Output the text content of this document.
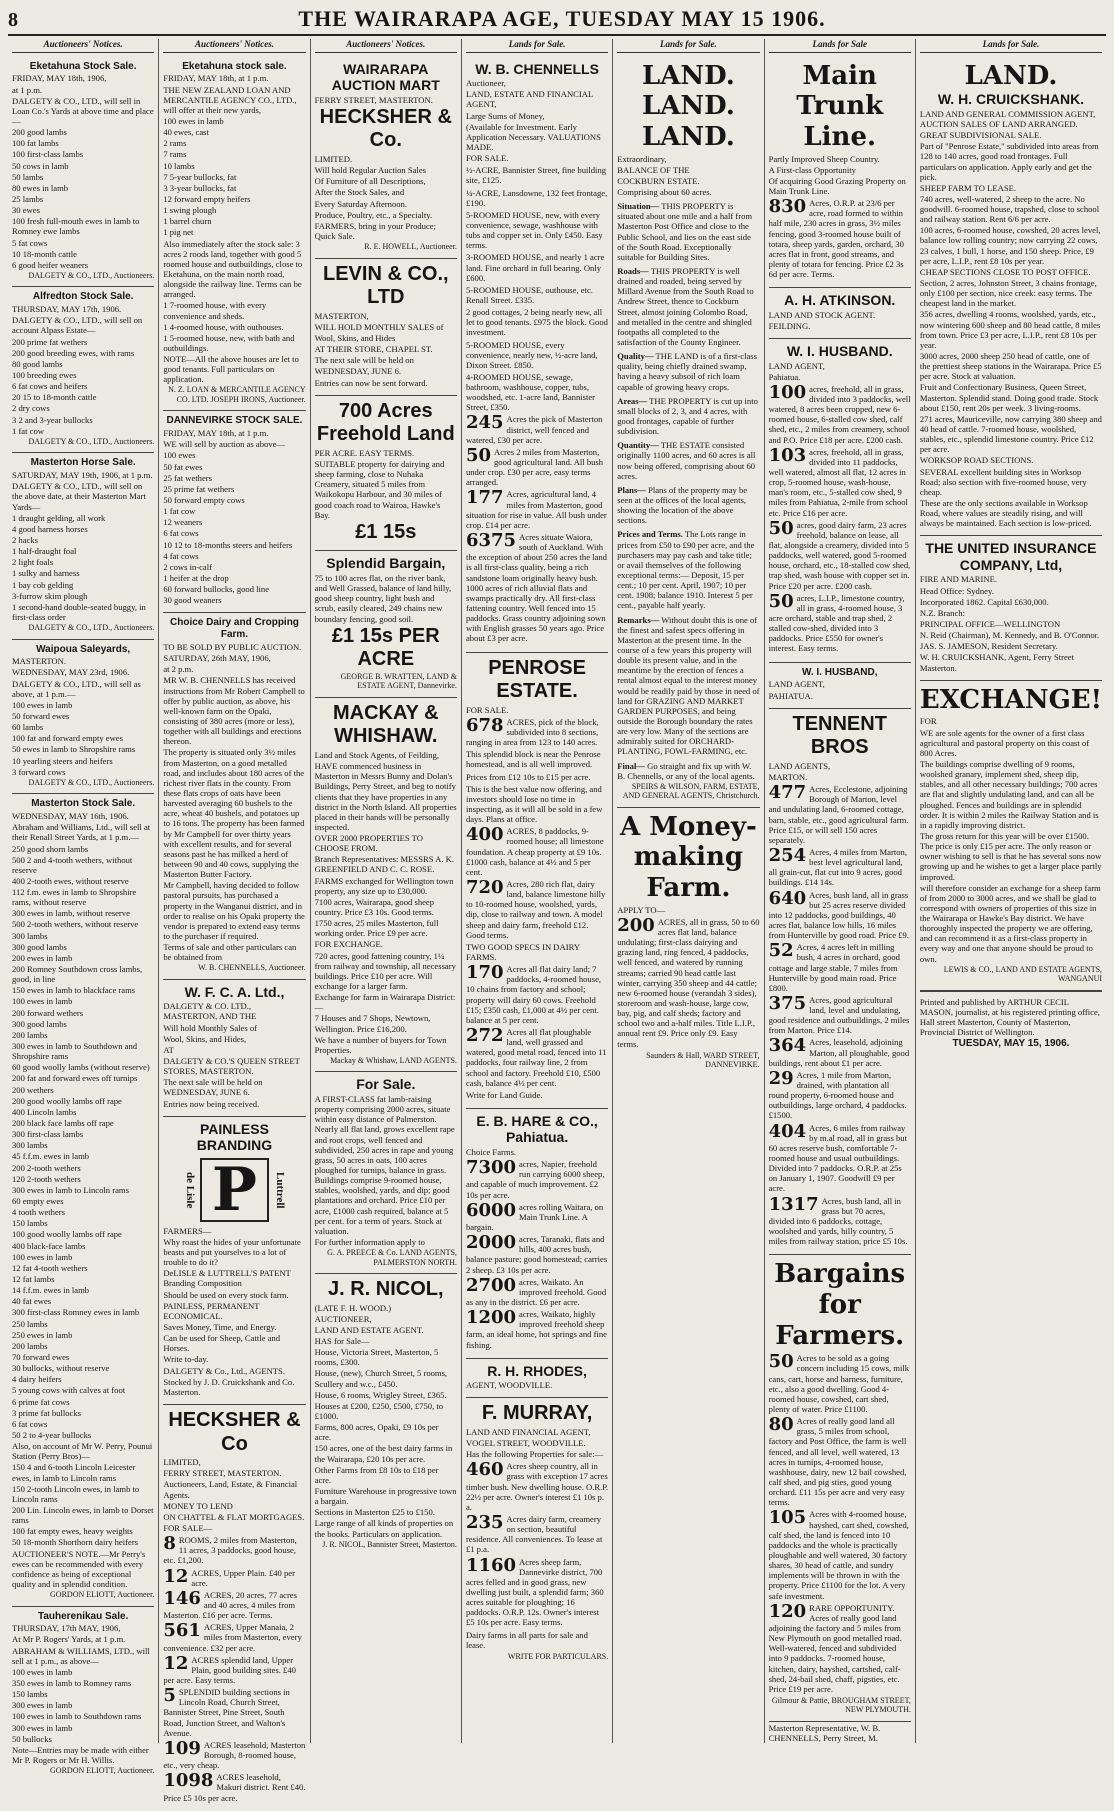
8	THE WAIRARAPA AGE, TUESDAY MAY 15 1906.
Auctioneers' Notices.
Eketahuna Stock Sale.
FRIDAY, MAY 18th, 1906,
at 1 p.m.
DALGETY & CO., LTD., will sell in Loan Co.'s Yards at above time and place—
200 good lambs
100 fat lambs
100 first-class lambs
50 cows in lamb
50 lambs
80 ewes in lamb
25 lambs
30 ewes
100 fresh full-mouth ewes in lamb to Romney ewe lambs
5 fat cows
10 18-month cattle
6 good heifer weaners
DALGETY & CO., LTD., Auctioneers.
Alfredton Stock Sale.
THURSDAY, MAY 17th, 1906.
DALGETY & CO., LTD., will sell on account Alpass Estate—
200 prime fat wethers
200 good breeding ewes, with rams
80 good lambs
100 breeding ewes
6 fat cows and heifers
20 15 to 18-month cattle
2 dry cows
3 2 and 3-year bullocks
1 fat cow
DALGETY & CO., LTD., Auctioneers.
Masterton Horse Sale.
SATURDAY, MAY 19th, 1906, at 1 p.m.
DALGETY & CO., LTD., will sell on the above date, at their Masterton Mart Yards—
1 draught gelding, all work
4 good harness horses
2 hacks
1 half-draught foal
2 light foals
1 sulky and harness
1 bay cob gelding
3-furrow skim plough
1 second-hand double-seated buggy, in first-class order
DALGETY & CO., LTD., Auctioneers.
Waipoua Saleyards,
MASTERTON.
WEDNESDAY, MAY 23rd, 1906.
DALGETY & CO., LTD., will sell as above, at 1 p.m.—
100 ewes in lamb
50 forward ewes
60 lambs
100 fat and forward empty ewes
50 ewes in lamb to Shropshire rams
10 yearling steers and heifers
3 forward cows
DALGETY & CO., LTD., Auctioneers.
Masterton Stock Sale.
WEDNESDAY, MAY 16th, 1906.
Abraham and Williams, Ltd., will sell at their Renall Street Yards, at 1 p.m.—
250 good shorn lambs
500 2 and 4-tooth wethers, without reserve
400 2-tooth ewes, without reserve
112 f.m. ewes in lamb to Shropshire rams, without reserve
300 ewes in lamb, without reserve
500 2-tooth wethers, without reserve
300 lambs
300 good lambs
200 ewes in lamb
200 Romney Southdown cross lambs, good, in line
150 ewes in lamb to blackface rams
100 ewes in lamb
200 forward wethers
300 good lambs
200 lambs
300 ewes in lamb to Southdown and Shropshire rams
60 good woolly lambs (without reserve)
200 fat and forward ewes off turnips
200 wethers
200 good woolly lambs off rape
400 Lincoln lambs
200 black face lambs off rape
300 first-class lambs
300 lambs
45 f.f.m. ewes in lamb
200 2-tooth wethers
120 2-tooth wethers
300 ewes in lamb to Lincoln rams
60 empty ewes
4 tooth wethers
150 lambs
100 good woolly lambs off rape
400 black-face lambs
100 ewes in lamb
12 fat 4-tooth wethers
12 fat lambs
14 f.f.m. ewes in lamb
40 fat ewes
300 first-class Romney ewes in lamb
250 lambs
250 ewes in lamb
200 lambs
70 forward ewes
30 bullocks, without reserve
4 dairy heifers
5 young cows with calves at foot
6 prime fat cows
3 prime fat bullocks
6 fat cows
50 2 to 4-year bullocks
Also, on account of Mr W. Perry, Pounui Station (Perry Bros)—
150 4 and 6-tooth Lincoln Leicester ewes, in lamb to Lincoln rams
150 2-tooth Lincoln ewes, in lamb to Lincoln rams
200 Lin. Lincoln ewes, in lamb to Dorset rams
100 fat empty ewes, heavy weights
50 18-month Shorthorn dairy heifers
AUCTIONEER'S NOTE.—Mr Perry's ewes can be recommended with every confidence as being of exceptional quality and in splendid condition.
GORDON ELIOTT, Auctioneer.
Tauherenikau Sale.
THURSDAY, 17th MAY, 1906,
At Mr P. Rogers' Yards, at 1 p.m.
ABRAHAM & WILLIAMS, LTD., will sell at 1 p.m., as above—
100 ewes in lamb
350 ewes in lamb to Romney rams
150 lambs
300 ewes in lamb
100 ewes in lamb to Southdown rams
300 ewes in lamb
50 bullocks
Note—Entries may be made with either Mr P. Rogers or Mr H. Willis.
GORDON ELIOTT, Auctioneer.
Auctioneers' Notices.
Eketahuna stock sale.
FRIDAY, MAY 18th, at 1 p.m.
THE NEW ZEALAND LOAN AND MERCANTILE AGENCY CO., LTD., will offer at their new yards,
100 ewes in lamb
40 ewes, cast
2 rams
7 rams
10 lambs
7 5-year bullocks, fat
3 3-year bullocks, fat
12 forward empty heifers
1 swing plough
1 barrel churn
1 pig net
Also immediately after the stock sale: 3 acres 2 roods land, together with good 5 roomed house and outbuildings, close to Eketahuna, on the main north road, alongside the railway line. Terms can be arranged.
1 7-roomed house, with every convenience and sheds.
1 4-roomed house, with outhouses.
1 5-roomed house, new, with bath and outbuildings.
NOTE—All the above houses are let to good tenants. Full particulars on application.
N. Z. LOAN & MERCANTILE AGENCY CO. LTD. JOSEPH IRONS, Auctioneer.
DANNEVIRKE STOCK SALE.
FRIDAY, MAY 18th, at 1 p.m.
WE will sell by auction as above—
100 ewes
50 fat ewes
25 fat wethers
25 prime fat wethers
50 forward empty cows
1 fat cow
12 weaners
6 fat cows
10 12 to 18-months steers and heifers
4 fat cows
2 cows in-calf
1 heifer at the drop
60 forward bullocks, good line
30 good weaners
Choice Dairy and Cropping Farm.
TO BE SOLD BY PUBLIC AUCTION.
SATURDAY, 26th MAY, 1906,
at 2 p.m.
MR W. B. CHENNELLS has received instructions from Mr Robert Campbell to offer by public auction, as above, his well-known farm on the Opaki, consisting of 380 acres (more or less), together with all buildings and erections thereon.
The property is situated only 3½ miles from Masterton, on a good metalled road, and includes about 180 acres of the richest river flats in the county. From these flats crops of oats have been harvested averaging 60 bushels to the acre, wheat 40 bushels, and potatoes up to 16 tons. The property has been farmed by Mr Campbell for over thirty years with excellent results, and for several seasons past he has milked a herd of between 90 and 40 cows, supplying the Masterton Butter Factory.
Mr Campbell, having decided to follow pastoral pursuits, has purchased a property in the Wanganui district, and in order to realise on his Opaki property the vendor is prepared to extend easy terms to the purchaser if required.
Terms of sale and other particulars can be obtained from
W. B. CHENNELLS, Auctioneer.
W. F. C. A. Ltd.,
DALGETY & CO. LTD., MASTERTON, AND THE
Will hold Monthly Sales of
Wool, Skins, and Hides,
AT
DALGETY & CO.'S QUEEN STREET STORES, MASTERTON.
The next sale will be held on WEDNESDAY, JUNE 6.
Entries now being received.
PAINLESS BRANDING
de Lisle P	Luttrell
FARMERS—
Why roast the hides of your unfortunate beasts and put yourselves to a lot of trouble to do it?
DeLISLE & LUTTRELL'S PATENT Branding Composition
Should be used on every stock farm.
PAINLESS, PERMANENT ECONOMICAL.
Saves Money, Time, and Energy.
Can be used for Sheep, Cattle and Horses.
Write to-day.
DALGETY & Co., Ltd., AGENTS.
Stocked by J. D. Cruickshank and Co. Masterton.
HECKSHER & Co
LIMITED,
FERRY STREET, MASTERTON.
Auctioneers, Land, Estate, & Financial Agents.
MONEY TO LEND
ON CHATTEL & FLAT MORTGAGES.
FOR SALE—
8 ROOMS, 2 miles from Masterton, 11 acres, 3 paddocks, good house, etc. £1,200.
12 ACRES, Upper Plain. £40 per acre.
146 ACRES, 20 acres, 77 acres and 40 acres, 4 miles from Masterton. £16 per acre. Terms.
561 ACRES, Upper Manaia, 2 miles from Masterton, every convenience. £32 per acre.
12 ACRES splendid land, Upper Plain, good building sites. £40 per acre. Easy terms.
5 SPLENDID building sections in Lincoln Road, Church Street, Bannister Street, Pine Street, South Road, Junction Street, and Walton's Avenue.
109 ACRES leasehold, Masterton Borough, 8-roomed house, etc., very cheap.
1098 ACRES leasehold, Makuri district. Rent £40. Price £5 10s per acre.
Auctioneers' Notices.
WAIRARAPA AUCTION MART
FERRY STREET, MASTERTON.
HECKSHER & Co.
LIMITED.
Will hold Regular Auction Sales
Of Furniture of all Descriptions,
After the Stock Sales, and
Every Saturday Afternoon.
Produce, Poultry, etc., a Specialty.
FARMERS, bring in your Produce; Quick Sale.
R. E. HOWELL, Auctioneer.
LEVIN & CO., LTD
MASTERTON,
WILL HOLD MONTHLY SALES of
Wool, Skins, and Hides
AT THEIR STORE, CHAPEL ST.
The next sale will be held on
WEDNESDAY, JUNE 6.
Entries can now be sent forward.
700 Acres Freehold Land
PER ACRE. EASY TERMS.
SUITABLE property for dairying and sheep farming, close to Nuhaka Creamery, situated 5 miles from Waikokopu Harbour, and 30 miles of good coach road to Wairoa, Hawke's Bay.
£1 15s
Splendid Bargain,
75 to 100 acres flat, on the river bank, and Well Grassed, balance of land hilly, good sheep country, light bush and scrub, easily cleared, 249 chains new boundary fencing, good soil.
£1 15s PER ACRE
GEORGE B. WRATTEN, LAND & ESTATE AGENT, Dannevirke.
MACKAY & WHISHAW.
Land and Stock Agents, of Feilding,
HAVE commenced business in Masterton in Messrs Bunny and Dolan's Buildings, Perry Street, and beg to notify clients that they have properties in any district in the North Island. All properties placed in their hands will be personally inspected.
OVER 2000 PROPERTIES TO CHOOSE FROM.
Branch Representatives: MESSRS A. K. GREENFIELD AND C. C. ROSE.
FARMS exchanged for Wellington town property, any size up to £30,000.
7100 acres, Wairarapa, good sheep country. Price £3 10s. Good terms.
1750 acres, 25 miles Masterton, full working order. Price £9 per acre.
FOR EXCHANGE.
720 acres, good fattening country, 1¼ from railway and township, all necessary buildings. Price £10 per acre. Will exchange for a larger farm.
Exchange for farm in Wairarapa District:—
7 Houses and 7 Shops, Newtown, Wellington. Price £16,200.
We have a number of buyers for Town Properties.
Mackay & Whishaw, LAND AGENTS.
For Sale.
A FIRST-CLASS fat lamb-raising property comprising 2000 acres, situate within easy distance of Palmerston. Nearly all flat land, grows excellent rape and root crops, well fenced and subdivided, 250 acres in rape and young grass, 50 acres in oats, 100 acres ploughed for turnips, balance in grass. Buildings comprise 9-roomed house, stables, woolshed, yards, and dip; good plantations and orchard. Price £10 per acre, £1000 cash required, balance at 5 per cent. for a term of years. Stock at valuation.
For further information apply to
G. A. PREECE & Co. LAND AGENTS, PALMERSTON NORTH.
J. R. NICOL,
(LATE F. H. WOOD.)
AUCTIONEER,
LAND AND ESTATE AGENT.
HAS for Sale—
House, Victoria Street, Masterton, 5 rooms, £300.
House, (new), Church Street, 5 rooms, Scullery and w.c., £450.
House, 6 rooms, Wrigley Street, £365.
Houses at £200, £250, £500, £750, to £1000.
Farms, 800 acres, Opaki, £9 10s per acre.
150 acres, one of the best dairy farms in the Wairarapa, £20 10s per acre.
Other Farms from £8 10s to £18 per acre.
Furniture Warehouse in progressive town a bargain.
Sections in Masterton £25 to £150.
Large range of all kinds of properties on the books. Particulars on application.
J. R. NICOL, Bannister Street, Masterton.
Lands for Sale.
W. B. CHENNELLS
Auctioneer,
LAND, ESTATE AND FINANCIAL AGENT,
Large Sums of Money,
(Available for Investment. Early Application Necessary. VALUATIONS MADE.
FOR SALE.
½-ACRE, Bannister Street, fine building site, £125.
¼-ACRE, Lansdowne, 132 feet frontage, £190.
5-ROOMED HOUSE, new, with every convenience, sewage, washhouse with tubs and copper set in. Only £450. Easy terms.
3-ROOMED HOUSE, and nearly 1 acre land. Fine orchard in full bearing. Only £600.
5-ROOMED HOUSE, outhouse, etc. Renall Street. £335.
2 good cottages, 2 being nearly new, all let to good tenants. £975 the block. Good investment.
5-ROOMED HOUSE, every convenience, nearly new, ½-acre land, Dixon Street. £850.
4-ROOMED HOUSE, sewage, bathroom, washhouse, copper, tubs, woodshed, etc. 1-acre land, Bannister Street, £350.
245 Acres the pick of Masterton district, well fenced and watered, £30 per acre.
50 Acres 2 miles from Masterton, good agricultural land. All bush under crop. £30 per acre, easy terms arranged.
177 Acres, agricultural land, 4 miles from Masterton, good situation for rise in value. All bush under crop. £14 per acre.
6375 Acres situate Waiora, south of Auckland. With the exception of about 250 acres the land is all first-class quality, being a rich sandstone loam originally heavy bush. 1000 acres of rich alluvial flats and swamps practically dry. All first-class fattening country. Well fenced into 15 paddocks. Grass country adjoining sown with English grasses 50 years ago. Price about £3 per acre.
PENROSE ESTATE.
FOR SALE.
678 ACRES, pick of the block, subdivided into 8 sections, ranging in area from 123 to 140 acres.
This splendid block is near the Penrose homestead, and is all well improved.
Prices from £12 10s to £15 per acre.
This is the best value now offering, and investors should lose no time in inspecting, as it will all be sold in a few days. Plans at office.
400 ACRES, 8 paddocks, 9-roomed house; all limestone foundation. A cheap property at £9 10s. £1000 cash, balance at 4½ and 5 per cent.
720 Acres, 280 rich flat, dairy land, balance limestone hilly to 10-roomed house, woolshed, yards, dip, close to railway and town. A model sheep and dairy farm, freehold £12. Good terms.
TWO GOOD SPECS IN DAIRY FARMS.
170 Acres all flat dairy land; 7 paddocks, 4-roomed house, 10 chains from factory and school; property will dairy 60 cows. Freehold £15; £350 cash, £1,000 at 4½ per cent. balance at 5 per cent.
272 Acres all flat ploughable land, well grassed and watered, good metal road, fenced into 11 paddocks, four railway line, 2 from school and factory. Freehold £10, £500 cash, balance 4½ per cent.
Write for Land Guide.
E. B. HARE & CO., Pahiatua.
Choice Farms.
7300 acres, Napier, freehold run carrying 6000 sheep, and capable of much improvement. £2 10s per acre.
6000 acres rolling Waitara, on Main Trunk Line. A bargain.
2000 acres, Taranaki, flats and hills, 400 acres bush, balance pasture; good homestead; carries 2 sheep. £3 10s per acre.
2700 acres, Waikato. An improved freehold. Good as any in the district. £6 per acre.
1200 acres, Waikato, highly improved freehold sheep farm, an ideal home, hot springs and fine fishing.
R. H. RHODES,
AGENT, WOODVILLE.
F. MURRAY,
LAND AND FINANCIAL AGENT,
VOGEL STREET, WOODVILLE.
Has the following Properties for sale:—
460 Acres sheep country, all in grass with exception 17 acres timber bush. New dwelling house. O.R.P. 22½ per acre. Owner's interest £1 10s p. a.
235 Acres dairy farm, creamery on section, beautiful residence. All conveniences. To lease at £1 p.a.
1160 Acres sheep farm, Dannevirke district, 700 acres felled and in good grass, new dwelling just built, a splendid farm; 360 acres suitable for ploughing; 16 paddocks. O.R.P. 12s. Owner's interest £5 10s per acre. Easy terms.
Dairy farms in all parts for sale and lease.
WRITE FOR PARTICULARS.
Lands for Sale.
LAND. LAND. LAND.
Extraordinary,
BALANCE OF THE
COCKBURN ESTATE.
Comprising about 60 acres.
Situation— THIS PROPERTY is situated about one mile and a half from Masterton Post Office and close to the Public School, and lies on the east side of the South Road. Exceptionally suitable for Building Sites.
Roads— THIS PROPERTY is well drained and roaded, being served by Millard Avenue from the South Road to Andrew Street, thence to Cockburn Street, almost joining Colombo Road, and metalled in the centre and shingled footpaths all completed to the satisfaction of the County Engineer.
Quality— THE LAND is of a first-class quality, being chiefly drained swamp, having a heavy subsoil of rich loam capable of growing heavy crops.
Areas— THE PROPERTY is cut up into small blocks of 2, 3, and 4 acres, with good frontages, capable of further subdivision.
Quantity— THE ESTATE consisted originally 1100 acres, and 60 acres is all now being offered, comprising about 60 acres.
Plans— Plans of the property may be seen at the offices of the local agents, showing the location of the above sections.
Prices and Terms. The Lots range in prices from £50 to £90 per acre, and the purchasers may pay cash and take title; or avail themselves of the following exceptional terms:— Deposit, 15 per cent.; 10 per cent. April, 1907; 10 per cent. 1908; balance 1910. Interest 5 per cent., payable half yearly.
Remarks— Without doubt this is one of the finest and safest specs offering in Masterton at the present time. In the course of a few years this property will double its present value, and in the meantime by the erection of fences a rental almost equal to the interest money would be readily paid by those in need of land for GRAZING AND MARKET GARDEN PURPOSES, and being outside the Borough boundary the rates are very low. Many of the sections are admirably suited for ORCHARD-PLANTING, FOWL-FARMING, etc.
Final— Go straight and fix up with W. B. Chennells, or any of the local agents.
SPEIRS & WILSON, FARM, ESTATE, AND GENERAL AGENTS, Christchurch.
A Money-making Farm.
APPLY TO—
200 ACRES, all in grass, 50 to 60 acres flat land, balance undulating; first-class dairying and grazing land, ring fenced, 4 paddocks, well fenced, and watered by running streams; carried 90 head cattle last winter, carrying 350 sheep and 44 cattle; new 6-roomed house (verandah 3 sides), storeroom and wash-house, large cow, bay, pig, and calf sheds; factory and school two and a-half miles. Title L.I.P., annual rent £9. Price only £9. Easy terms.
Saunders & Hall, WARD STREET, DANNEVIRKE.
Lands for Sale
Main Trunk Line.
Partly Improved Sheep Country.
A First-class Opportunity
Of acquiring Good Grazing Property on Main Trunk Line.
830 Acres, O.R.P. at 23/6 per acre, road formed to within half mile, 230 acres in grass, 3½ miles fencing, good 3-roomed house built of totara, sheep yards, garden, orchard, 30 acres flat in front, good streams, and plenty of totara for fencing. Price £2 3s 6d per acre. Terms.
A. H. ATKINSON.
LAND AND STOCK AGENT.
FEILDING.
W. I. HUSBAND.
LAND AGENT,
Pahiatua.
100 acres, freehold, all in grass, divided into 3 paddocks, well watered, 8 acres been cropped, new 6-roomed house, 6-stalled cow shed, calf shed, etc., 2 miles from creamery, school and P.O. Price £18 per acre. £200 cash.
103 acres, freehold, all in grass, divided into 11 paddocks, well watered, almost all flat, 12 acres in crop, 5-roomed house, wash-house, man's room, etc., 5-stalled cow shed, 9 miles from Pahiatua, 2-mile from school etc. Price £16 per acre.
50 acres, good dairy farm, 23 acres freehold, balance on lease, all flat, alongside a creamery, divided into 5 paddocks, well watered, good 5-roomed house, orchard, etc., 18-stalled cow shed, trap shed, wash house with copper set in. Price £20 per acre. £200 cash.
50 acres, L.I.P., limestone country, all in grass, 4-roomed house, 3 acre orchard, stable and trap shed, 2 stalled cow-shed, divided into 3 paddocks. Price £550 for owner's interest. Easy terms.
W. I. HUSBAND,
LAND AGENT,
PAHIATUA.
TENNENT BROS
LAND AGENTS,
MARTON.
477 Acres, Ecclestone, adjoining Borough of Marton, level and undulating land, 6-roomed cottage, barn, stable, etc., good agricultural farm. Price £15, or will sell 150 acres separately.
254 Acres, 4 miles from Marton, best level agricultural land, all grain-cut, flat cut into 9 acres, good buildings. £14 14s.
640 Acres, bush land, all in grass but 25 acres reserve divided into 12 paddocks, good buildings, 40 acres flat, balance low hills, 16 miles from Hunterville by good road. Price £9.
52 Acres, 4 acres left in milling bush, 4 acres in orchard, good cottage and large stable, 7 miles from Hunterville by good main road. Price £800.
375 Acres, good agricultural land, level and undulating, good residence and outbuildings, 2 miles from Marton. Price £14.
364 Acres, leasehold, adjoining Marton, all ploughable, good buildings, rent about £1 per acre.
29 Acres, 1 mile from Marton, drained, with plantation all round property, 6-roomed house and outbuildings, large orchard, 4 paddocks. £1500.
404 Acres, 6 miles from railway by m.al road, all in grass but 60 acres reserve bush, comfortable 7-roomed house and usual outbuildings. Divided into 7 paddocks. O.R.P. at 25s on January 1, 1907. Goodwill £9 per acre.
1317 Acres, bush land, all in grass but 70 acres, divided into 6 paddocks, cottage, woolshed and yards, hilly country, 5 miles from railway station, price £5 10s.
Bargains for Farmers.
50 Acres to be sold as a going concern including 15 cows, milk cans, cart, horse and harness, furniture, etc., also a good dwelling. Good 4-roomed house, cowshed, cart shed, plenty of water. Price £1100.
80 Acres of really good land all grass, 5 miles from school, factory and Post Office, the farm is well fenced, and all level, well watered, 13 acres in turnips, 4-roomed house, washhouse, dairy, new 12 bail cowshed, calf shed, and pig sties, good young orchard. £11 15s per acre and very easy terms.
105 Acres with 4-roomed house, hayshed, cart shed, cowshed, calf shed, the land is fenced into 10 paddocks and the whole is practically ploughable and well watered, 30 factory shares, 30 head of cattle, and sundry implements will be thrown in with the property. Price £1100 for the lot. A very safe investment.
120 RARE OPPORTUNITY. Acres of really good land adjoining the factory and 5 miles from New Plymouth on good metalled road. Well-watered, fenced and subdivided into 9 paddocks. 7-roomed house, kitchen, dairy, hayshed, cartshed, calf-shed, 24-bail shed, chaff, pigsties, etc. Price £19 per acre.
Gilmour & Pattie, BROUGHAM STREET, NEW PLYMOUTH.
Masterton Representative, W. B. CHENNELLS, Perry Street, M.
Lands for Sale.
LAND.
W. H. CRUICKSHANK.
LAND AND GENERAL COMMISSION AGENT, AUCTION SALES OF LAND ARRANGED.
GREAT SUBDIVISIONAL SALE.
Part of "Penrose Estate," subdivided into areas from 128 to 140 acres, good road frontages. Full particulars on application. Apply early and get the pick.
SHEEP FARM TO LEASE.
740 acres, well-watered, 2 sheep to the acre. No goodwill. 6-roomed house, trapshed, close to school and railway station. Rent 6/6 per acre.
100 acres, 6-roomed house, cowshed, 20 acres level, balance low rolling country; now carrying 22 cows, 23 calves, 1 bull, 1 horse, and 150 sheep. Price, £9 per acre, L.I.P., rent £8 10s per year.
CHEAP SECTIONS CLOSE TO POST OFFICE.
Section, 2 acres, Johnston Street, 3 chains frontage, only £100 per section, nice creek: easy terms. The cheapest land in the market.
356 acres, dwelling 4 rooms, woolshed, yards, etc., now wintering 600 sheep and 80 head cattle, 8 miles from town. Price £3 per acre, L.I.P., rent £8 10s per year.
3000 acres, 2000 sheep 250 head of cattle, one of the prettiest sheep stations in the Wairarapa. Price £5 per acre. Stock at valuation.
Fruit and Confectionary Business, Queen Street, Masterton. Splendid stand. Doing good trade. Stock about £150, rent 20s per week. 3 living-rooms.
271 acres, Mauriceville, now carrying 380 sheep and 40 head of cattle. 7-roomed house, woolshed, stables, etc., splendid limestone country. Price £12 per acre.
WORKSOP ROAD SECTIONS.
SEVERAL excellent building sites in Worksop Road; also section with five-roomed house, very cheap.
These are the only sections available in Worksop Road, where values are steadily rising, and will always be maintained. Each section is low-priced.
THE UNITED INSURANCE COMPANY, Ltd,
FIRE AND MARINE.
Head Office: Sydney.
Incorporated 1862. Capital £630,000.
N.Z. Branch:
PRINCIPAL OFFICE—WELLINGTON
N. Reid (Chairman), M. Kennedy, and B. O'Connor.
JAS. S. JAMESON, Resident Secretary.
W. H. CRUICKSHANK, Agent, Ferry Street Masterton.
EXCHANGE!
FOR
WE are sole agents for the owner of a first class agricultural and pastoral property on this coast of 800 Acres.
The buildings comprise dwelling of 9 rooms, woolshed granary, implement shed, sheep dip, stables, and all other necessary buildings; 700 acres are flat and slightly undulating land, and can all be ploughed. Fences and buildings are in splendid order. It is within 2 miles the Railway Station and is in a rapidly improving district.
The gross return for this year will be over £1500. The price is only £15 per acre. The only reason or owner wishing to sell is that he has several sons now growing up and he wishes to get a larger place partly improved.
will therefore consider an exchange for a sheep farm of from 2000 to 3000 acres, and we shall be glad to correspond with owners of properties of this size in the Wairarapa or Hawke's Bay district. We have thoroughly inspected the property we are offering, and can recommend it as a first-class property in every way and one that anyone should be proud to own.
LEWIS & CO., LAND AND ESTATE AGENTS, WANGANUI
Printed and published by ARTHUR CECIL MASON, journalist, at his registered printing office, Hall street Masterton, County of Masterton, Provincial District of Wellington.
TUESDAY, MAY 15, 1906.
